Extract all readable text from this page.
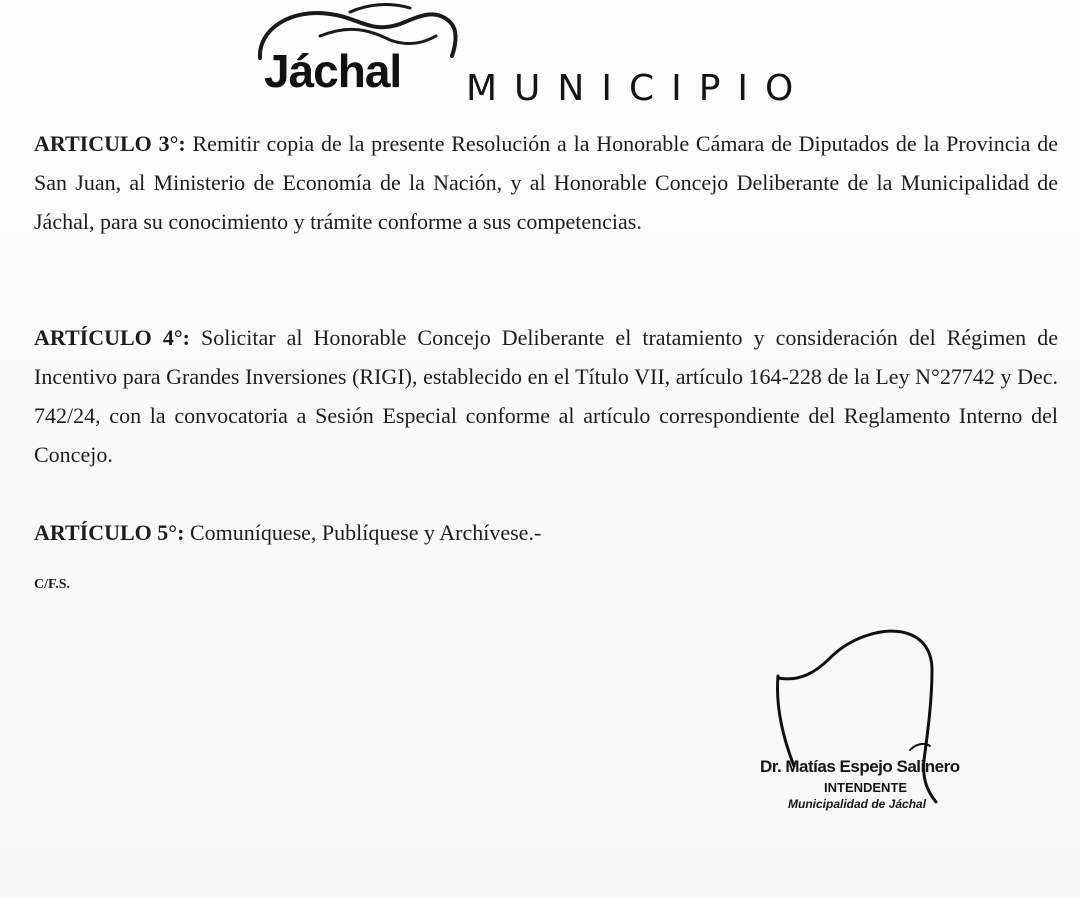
Jáchal MUNICIPIO
ARTICULO 3°: Remitir copia de la presente Resolución a la Honorable Cámara de Diputados de la Provincia de San Juan, al Ministerio de Economía de la Nación, y al Honorable Concejo Deliberante de la Municipalidad de Jáchal, para su conocimiento y trámite conforme a sus competencias.
ARTÍCULO 4°: Solicitar al Honorable Concejo Deliberante el tratamiento y consideración del Régimen de Incentivo para Grandes Inversiones (RIGI), establecido en el Título VII, artículo 164-228 de la Ley N°27742 y Dec. 742/24, con la convocatoria a Sesión Especial conforme al artículo correspondiente del Reglamento Interno del Concejo.
ARTÍCULO 5°: Comuníquese, Publíquese y Archívese.-
C/F.S.
Dr. Matías Espejo Salinero
INTENDENTE
Municipalidad de Jáchal
